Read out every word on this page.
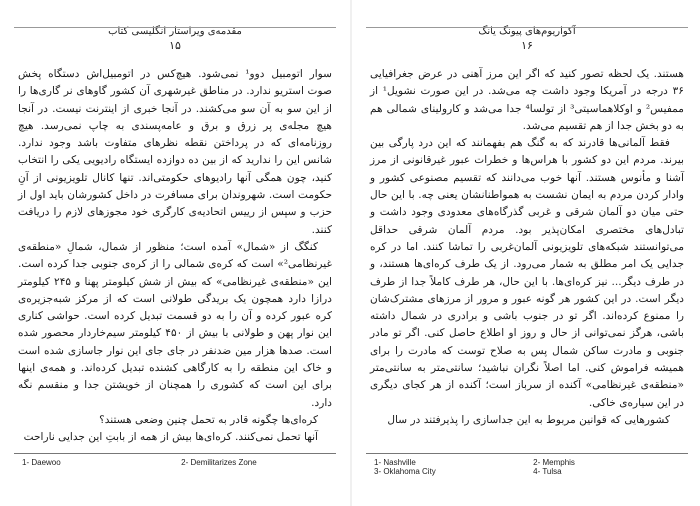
مقدمه‌ی ویراستار انگلیسی کتاب
۱۵

سوار اتومبیل دوو¹ نمی‌شود. هیچ‌کس در اتومبیل‌اش دستگاه پخش صوت استریو ندارد. در مناطق غیرشهری آن کشور گاوهای نر گاری‌ها را از این سو به آن سو می‌کشند. در آنجا خبری از اینترنت نیست. در آنجا هیچ مجله‌ی پر زرق و برق و عامه‌پسندی به چاپ نمی‌رسد. هیچ روزنامه‌ای که در پرداختن نقطه نظرهای متفاوت باشد وجود ندارد. شانس این را ندارید که از بین ده دوازده ایستگاه رادیویی یکی را انتخاب کنید، چون همگی آنها رادیوهای حکومتی‌اند. تنها کانال تلویزیونی از آنِ حکومت است. شهروندان برای مسافرت در داخل کشورشان باید اول از حزب و سپس از رییس اتحادیه‌ی کارگری خود مجوزهای لازم را دریافت کنند.

کنگگ از «شمال» آمده است؛ منظور از شمال، شمالِ «منطقه‌ی غیرنظامی²» است که کره‌ی شمالی را از کره‌ی جنوبی جدا کرده است. این «منطقه‌ی غیرنظامی» که بیش از شش کیلومتر پهنا و ۲۴۵ کیلومتر درازا دارد همچون یک بریدگی طولانی است که از مرکز شبه‌جزیره‌ی کره عبور کرده و آن را به دو قسمت تبدیل کرده است. حواشی کناری این نوار پهن و طولانی با بیش از ۴۵۰ کیلومتر سیم‌خاردار محصور شده است. صدها هزار مین ضدنفر در جای جای این نوار جاسازی شده است و خاک این منطقه را به کارگاهی کشنده تبدیل کرده‌اند. و همه‌ی اینها برای این است که کشوری را همچنان از خویشتن جدا و منقسم نگه دارد.

کره‌ای‌ها چگونه قادر به تحمل چنین وضعی هستند؟

آنها تحمل نمی‌کنند. کره‌ای‌ها بیش از همه از بابتِ این جدایی ناراحت

1- Daewoo	2- Demilitarizes Zone
آکواریوم‌های پیونگ یانگ
۱۶

هستند. یک لحظه تصور کنید که اگر این مرز آهنی در عرض جغرافیایی ۳۶ درجه در آمریکا وجود داشت چه می‌شد. در این صورت نشویل¹ از ممفیس² و اوکلاهماسیتی³ از تولسا⁴ جدا می‌شد و کارولینای شمالی هم به دو بخش جدا از هم تقسیم می‌شد.

فقط آلمانی‌ها قادرند که به گنگ هم بفهمانند که این درد پارگی بین بیرند. مردم این دو کشور با هراس‌ها و خطرات عبور غیرقانونی از مرز آشنا و مأنوس هستند. آنها خوب می‌دانند که تقسیم مصنوعی کشور و وادار کردن مردم به ایمان نشست به همواطنانشان یعنی چه. با این حال حتی میان دو آلمان شرقی و غربی گذرگاه‌های معدودی وجود داشت و تبادل‌های مختصری امکان‌پذیر بود. مردم آلمان شرقی حداقل می‌توانستند شبکه‌های تلویزیونی آلمان‌غربی را تماشا کنند. اما در کره جدایی یک امر مطلق به شمار می‌رود. از یک طرف کره‌ای‌ها هستند، و در طرف دیگر... نیز کره‌ای‌ها. با این حال، هر طرف کاملاً جدا از طرف دیگر است. در این کشور هر گونه عبور و مرور از مرزهای مشترک‌شان را ممنوع کرده‌اند. اگر تو در جنوب باشی و برادری در شمال داشته باشی، هرگز نمی‌توانی از حال و روز او اطلاع حاصل کنی. اگر تو مادر جنوبی و مادرت ساکن شمال پس به صلاح توست که مادرت را برای همیشه فراموش کنی. اما اصلاً نگران نباشید؛ سانتی‌متر به سانتی‌متر «منطقه‌ی غیرنظامی» آکنده از سرباز است؛ آکنده از هر کجای دیگری در این سیاره‌ی خاکی.

کشورهایی که قوانین مربوط به این جداسازی را پذیرفتند در سال

1- Nashville	2- Memphis
3- Oklahoma City	4- Tulsa
